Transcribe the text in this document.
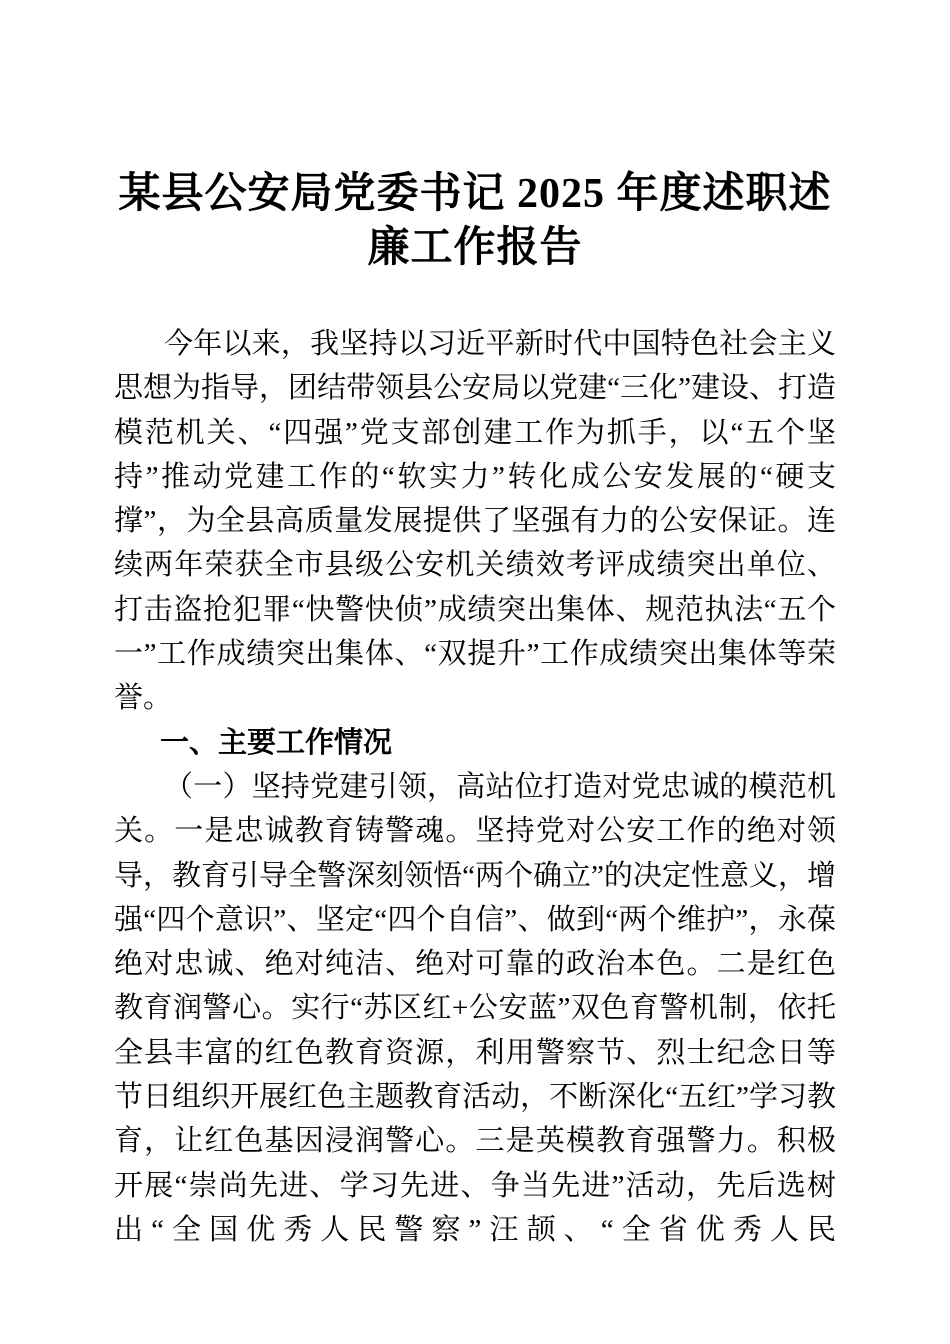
某县公安局党委书记 2025 年度述职述
廉工作报告

今年以来，我坚持以习近平新时代中国特色社会主义思想为指导，团结带领县公安局以党建“三化”建设、打造模范机关、“四强”党支部创建工作为抓手，以“五个坚持”推动党建工作的“软实力”转化成公安发展的“硬支撑”，为全县高质量发展提供了坚强有力的公安保证。连续两年荣获全市县级公安机关绩效考评成绩突出单位、打击盗抢犯罪“快警快侦”成绩突出集体、规范执法“五个一”工作成绩突出集体、“双提升”工作成绩突出集体等荣誉。

一、主要工作情况

（一）坚持党建引领，高站位打造对党忠诚的模范机关。一是忠诚教育铸警魂。坚持党对公安工作的绝对领导，教育引导全警深刻领悟“两个确立”的决定性意义，增强“四个意识”、坚定“四个自信”、做到“两个维护”，永葆绝对忠诚、绝对纯洁、绝对可靠的政治本色。二是红色教育润警心。实行“苏区红+公安蓝”双色育警机制，依托全县丰富的红色教育资源，利用警察节、烈士纪念日等节日组织开展红色主题教育活动，不断深化“五红”学习教育，让红色基因浸润警心。三是英模教育强警力。积极开展“崇尚先进、学习先进、争当先进”活动，先后选树出“全国优秀人民警察”汪颉、“全省优秀人民
